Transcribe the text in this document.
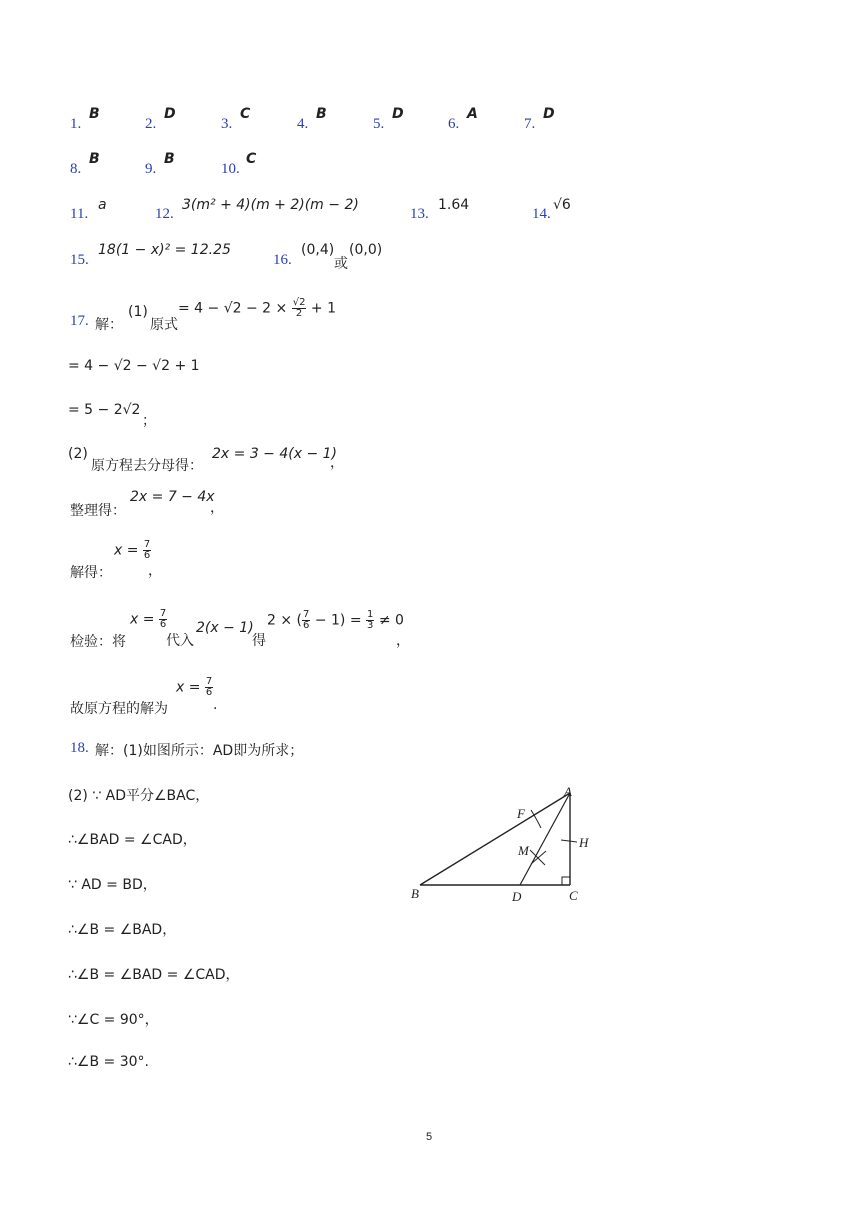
1.
B
2.
D
3.
C
4.
B
5.
D
6.
A
7.
D
8.
B
9.
B
10.
C
11.
a
12.
3(m² + 4)(m + 2)(m − 2)
13.
1.64
14.
√6
15.
18(1 − x)² = 12.25
16.
(0,4)
或
(0,0)
17. 解：
(1)
原式
= $4 - √2 - 2 \times \frac{√2}{2} + 1$
= 4 − √2 − √2 + 1
= 5 − 2√2
；
(2)
原方程去分母得：
2x = 3 − 4(x − 1)
，
整理得：
2x = 7 − 4x
，
解得：
$x = \frac{7}{6}$
，
检验：将
$x = \frac{7}{6}$
代入
2(x − 1)
得
2 × ( $\frac{7}{6} - 1) = \frac{1}{3} \ne 0$
，
故原方程的解为
$x = \frac{7}{6}$
.
18. 解：(1)如图所示：AD即为所求；
(2) ∵ AD平分∠BAC，
∴∠BAD = ∠CAD，
∵ AD = BD，
∴∠B = ∠BAD，
∴∠B = ∠BAD = ∠CAD，
∵∠C = 90°，
∴∠B = 30°.
A
B	C
D
F
H
M
5
